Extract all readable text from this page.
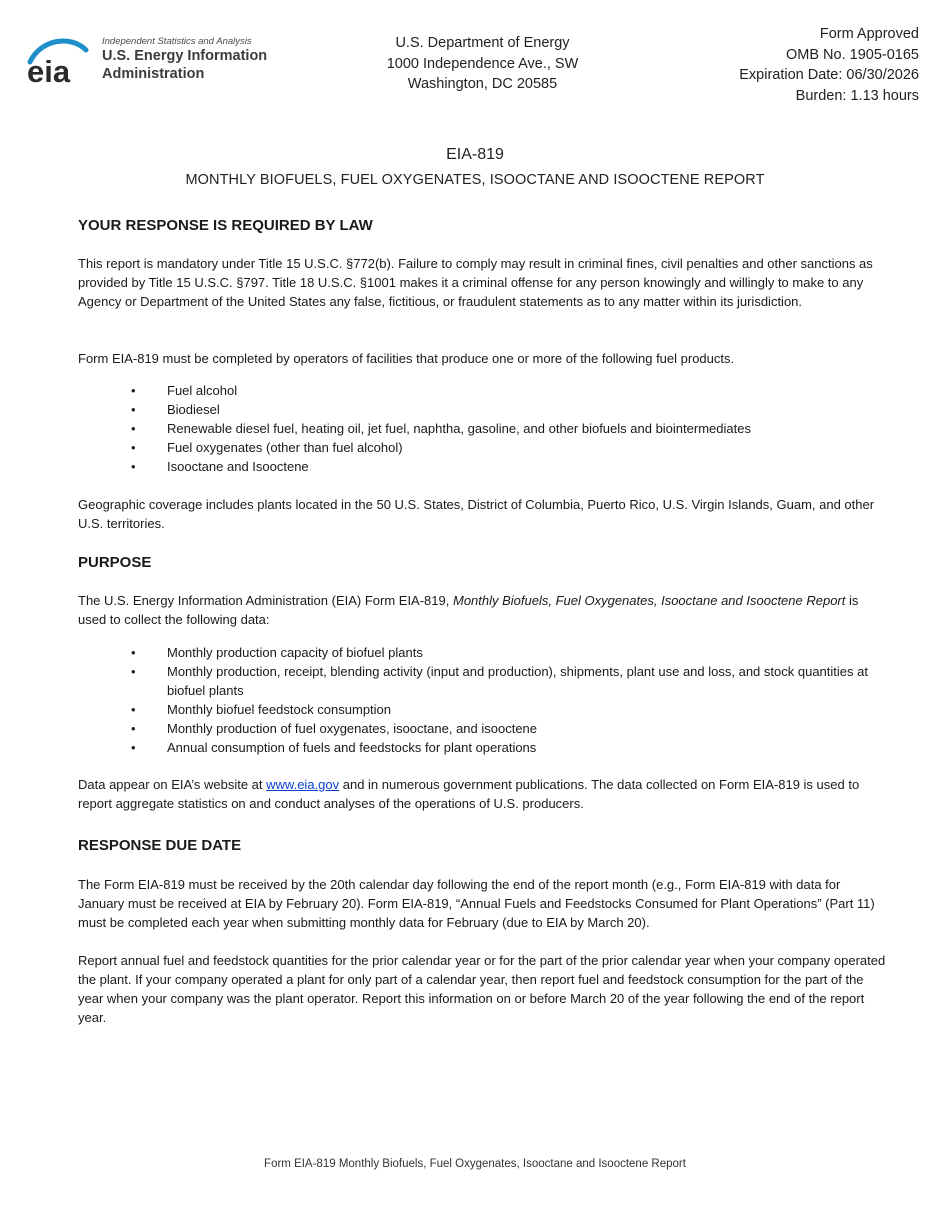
eia
Independent Statistics and Analysis
U.S. Energy Information
Administration
U.S. Department of Energy
1000 Independence Ave., SW
Washington, DC 20585
Form Approved
OMB No. 1905-0165
Expiration Date: 06/30/2026
Burden: 1.13 hours
EIA-819
MONTHLY BIOFUELS, FUEL OXYGENATES, ISOOCTANE AND ISOOCTENE REPORT
YOUR RESPONSE IS REQUIRED BY LAW
This report is mandatory under Title 15 U.S.C. §772(b). Failure to comply may result in criminal fines, civil penalties and other sanctions as provided by Title 15 U.S.C. §797. Title 18 U.S.C. §1001 makes it a criminal offense for any person knowingly and willingly to make to any Agency or Department of the United States any false, fictitious, or fraudulent statements as to any matter within its jurisdiction.
Form EIA-819 must be completed by operators of facilities that produce one or more of the following fuel products.
• Fuel alcohol
• Biodiesel
• Renewable diesel fuel, heating oil, jet fuel, naphtha, gasoline, and other biofuels and biointermediates
• Fuel oxygenates (other than fuel alcohol)
• Isooctane and Isooctene
Geographic coverage includes plants located in the 50 U.S. States, District of Columbia, Puerto Rico, U.S. Virgin Islands, Guam, and other U.S. territories.
PURPOSE
The U.S. Energy Information Administration (EIA) Form EIA-819, Monthly Biofuels, Fuel Oxygenates, Isooctane and Isooctene Report is used to collect the following data:
• Monthly production capacity of biofuel plants
• Monthly production, receipt, blending activity (input and production), shipments, plant use and loss, and stock quantities at biofuel plants
• Monthly biofuel feedstock consumption
• Monthly production of fuel oxygenates, isooctane, and isooctene
• Annual consumption of fuels and feedstocks for plant operations
Data appear on EIA’s website at www.eia.gov and in numerous government publications. The data collected on Form EIA-819 is used to report aggregate statistics on and conduct analyses of the operations of U.S. producers.
RESPONSE DUE DATE
The Form EIA-819 must be received by the 20th calendar day following the end of the report month (e.g., Form EIA-819 with data for January must be received at EIA by February 20). Form EIA-819, “Annual Fuels and Feedstocks Consumed for Plant Operations” (Part 11) must be completed each year when submitting monthly data for February (due to EIA by March 20).
Report annual fuel and feedstock quantities for the prior calendar year or for the part of the prior calendar year when your company operated the plant. If your company operated a plant for only part of a calendar year, then report fuel and feedstock consumption for the part of the year when your company was the plant operator. Report this information on or before March 20 of the year following the end of the report year.
Form EIA-819 Monthly Biofuels, Fuel Oxygenates, Isooctane and Isooctene Report
